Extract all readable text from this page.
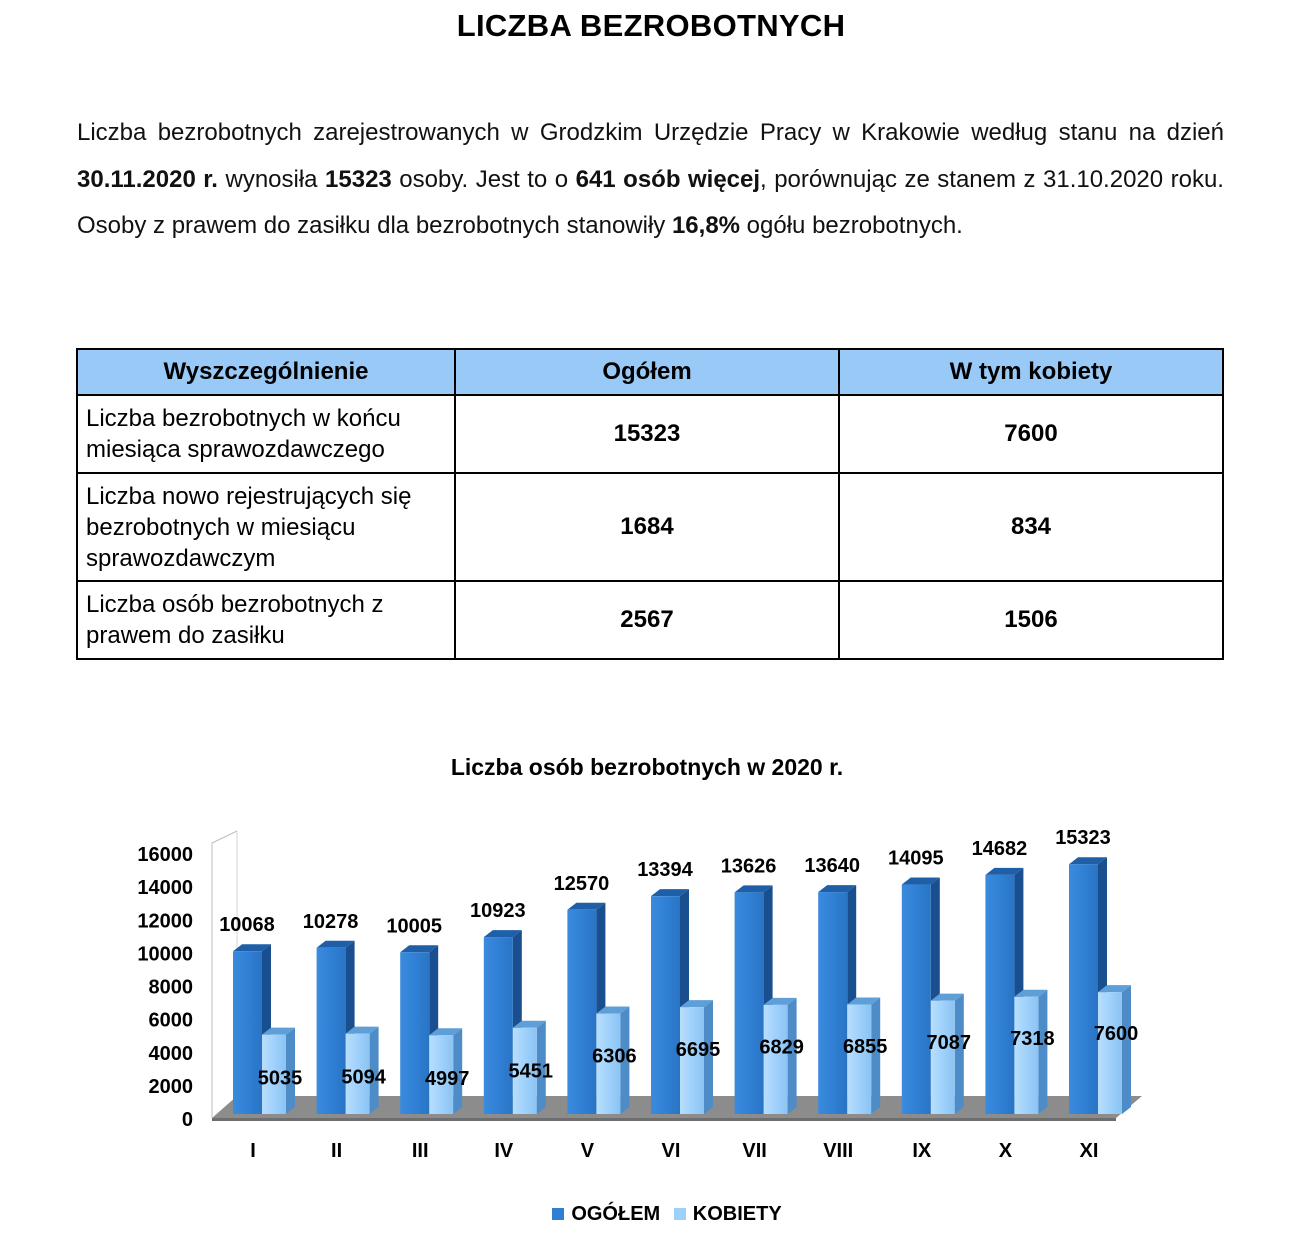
LICZBA BEZROBOTNYCH

Liczba bezrobotnych zarejestrowanych w Grodzkim Urzędzie Pracy w Krakowie według stanu na dzień 30.11.2020 r. wynosiła 15323 osoby. Jest to o 641 osób więcej, porównując ze stanem z 31.10.2020 roku. Osoby z prawem do zasiłku dla bezrobotnych stanowiły 16,8% ogółu bezrobotnych.

Wyszczególnienie	Ogółem	W tym kobiety
Liczba bezrobotnych w końcu miesiąca sprawozdawczego	15323	7600
Liczba nowo rejestrujących się bezrobotnych w miesiącu sprawozdawczym	1684	834
Liczba osób bezrobotnych z prawem do zasiłku	2567	1506
Liczba osób bezrobotnych w 2020 r.
0
2000
4000
6000
8000
10000
12000
14000
16000
10068
5035
I
10278
5094
II
10005
4997
III
10923
5451
IV
12570
6306
V
13394
6695
VI
13626
6829
VII
13640
6855
VIII
14095
7087
IX
14682
7318
X
15323
7600
XI
OGÓŁEM KOBIETY
